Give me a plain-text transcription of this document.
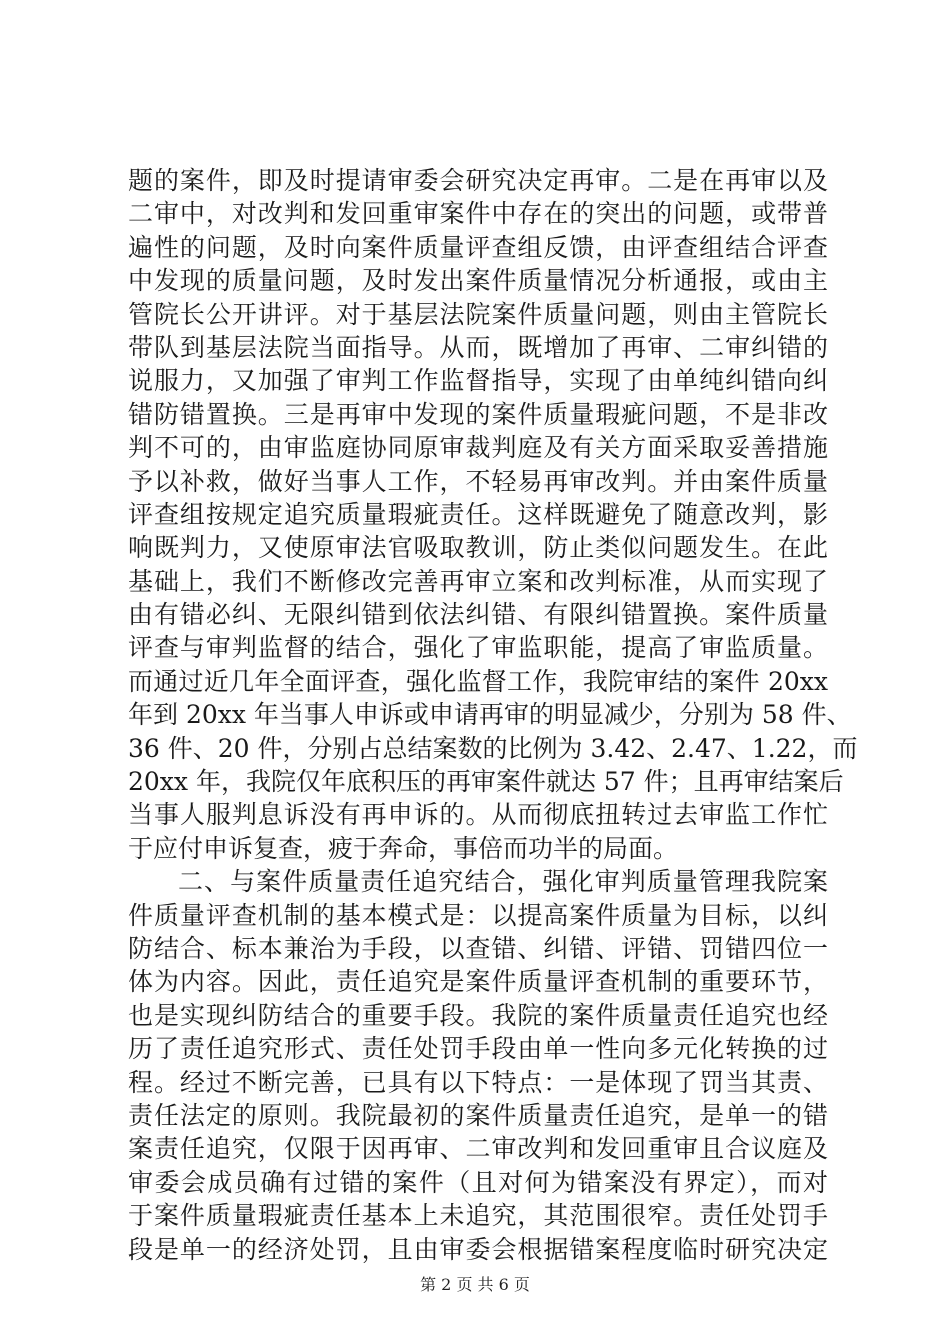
题的案件，即及时提请审委会研究决定再审。二是在再审以及
二审中，对改判和发回重审案件中存在的突出的问题，或带普
遍性的问题，及时向案件质量评查组反馈，由评查组结合评查
中发现的质量问题，及时发出案件质量情况分析通报，或由主
管院长公开讲评。对于基层法院案件质量问题，则由主管院长
带队到基层法院当面指导。从而，既增加了再审、二审纠错的
说服力，又加强了审判工作监督指导，实现了由单纯纠错向纠
错防错置换。三是再审中发现的案件质量瑕疵问题，不是非改
判不可的，由审监庭协同原审裁判庭及有关方面采取妥善措施
予以补救，做好当事人工作，不轻易再审改判。并由案件质量
评查组按规定追究质量瑕疵责任。这样既避免了随意改判，影
响既判力，又使原审法官吸取教训，防止类似问题发生。在此
基础上，我们不断修改完善再审立案和改判标准，从而实现了
由有错必纠、无限纠错到依法纠错、有限纠错置换。案件质量
评查与审判监督的结合，强化了审监职能，提高了审监质量。
而通过近几年全面评查，强化监督工作，我院审结的案件 20xx
年到 20xx 年当事人申诉或申请再审的明显减少，分别为 58 件、
36 件、20 件，分别占总结案数的比例为 3.42、2.47、1.22，而
20xx 年，我院仅年底积压的再审案件就达 57 件；且再审结案后
当事人服判息诉没有再申诉的。从而彻底扭转过去审监工作忙
于应付申诉复查，疲于奔命，事倍而功半的局面。
二、与案件质量责任追究结合，强化审判质量管理我院案
件质量评查机制的基本模式是：以提高案件质量为目标，以纠
防结合、标本兼治为手段，以查错、纠错、评错、罚错四位一
体为内容。因此，责任追究是案件质量评查机制的重要环节，
也是实现纠防结合的重要手段。我院的案件质量责任追究也经
历了责任追究形式、责任处罚手段由单一性向多元化转换的过
程。经过不断完善，已具有以下特点：一是体现了罚当其责、
责任法定的原则。我院最初的案件质量责任追究，是单一的错
案责任追究，仅限于因再审、二审改判和发回重审且合议庭及
审委会成员确有过错的案件（且对何为错案没有界定），而对
于案件质量瑕疵责任基本上未追究，其范围很窄。责任处罚手
段是单一的经济处罚，且由审委会根据错案程度临时研究决定
第 2 页 共 6 页
